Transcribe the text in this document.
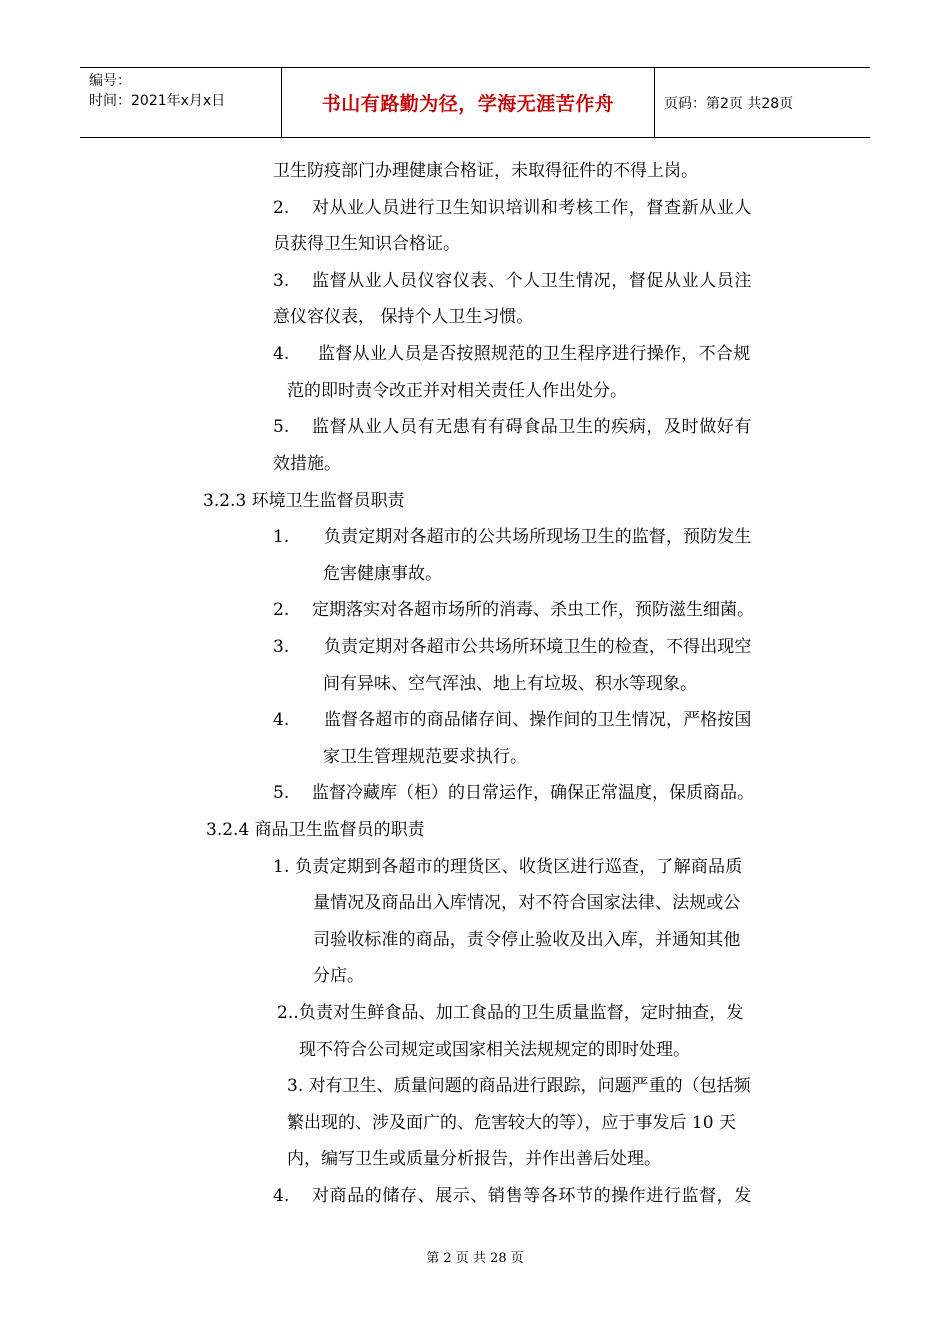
编号：
时间：2021年x月x日	书山有路勤为径，学海无涯苦作舟	页码：第2页 共28页
卫生防疫部门办理健康合格证，未取得征件的不得上岗。
2. 对从业人员进行卫生知识培训和考核工作，督查新从业人
员获得卫生知识合格证。
3. 监督从业人员仪容仪表、个人卫生情况，督促从业人员注
意仪容仪表， 保持个人卫生习惯。
4. 监督从业人员是否按照规范的卫生程序进行操作，不合规
范的即时责令改正并对相关责任人作出处分。
5. 监督从业人员有无患有有碍食品卫生的疾病，及时做好有
效措施。
3.2.3 环境卫生监督员职责
1. 负责定期对各超市的公共场所现场卫生的监督，预防发生
危害健康事故。
2. 定期落实对各超市场所的消毒、杀虫工作，预防滋生细菌。
3. 负责定期对各超市公共场所环境卫生的检查，不得出现空
间有异味、空气浑浊、地上有垃圾、积水等现象。
4. 监督各超市的商品储存间、操作间的卫生情况，严格按国
家卫生管理规范要求执行。
5. 监督冷藏库（柜）的日常运作，确保正常温度，保质商品。
3.2.4 商品卫生监督员的职责
1. 负责定期到各超市的理货区、收货区进行巡查，了解商品质
量情况及商品出入库情况，对不符合国家法律、法规或公
司验收标准的商品，责令停止验收及出入库，并通知其他
分店。
2..负责对生鲜食品、加工食品的卫生质量监督，定时抽查，发
现不符合公司规定或国家相关法规规定的即时处理。
3. 对有卫生、质量问题的商品进行跟踪，问题严重的（包括频
繁出现的、涉及面广的、危害较大的等），应于事发后 10 天
内，编写卫生或质量分析报告，并作出善后处理。
4. 对商品的储存、展示、销售等各环节的操作进行监督，发
第 2 页 共 28 页
